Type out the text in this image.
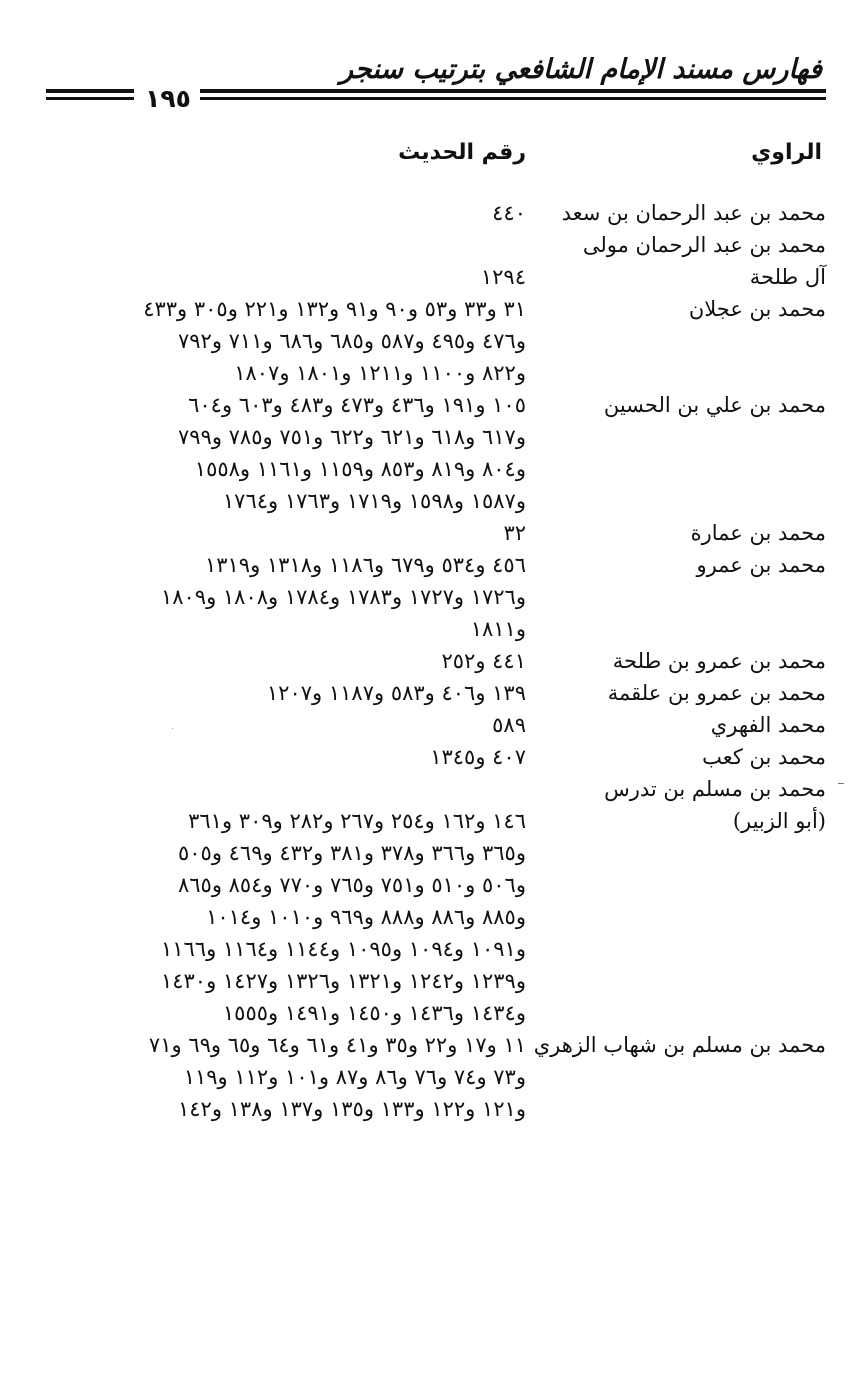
فهارس مسند الإمام الشافعي بترتيب سنجر
١٩٥
الراوي
رقم الحديث
محمد بن عبد الرحمان بن سعد
٤٤٠
محمد بن عبد الرحمان مولى
آل طلحة
١٢٩٤
محمد بن عجلان
٣١ و٣٣ و٥٣ و٩٠ و٩١ و١٣٢ و٢٢١ و٣٠٥ و٤٣٣
و٤٧٦ و٤٩٥ و٥٨٧ و٦٨٥ و٦٨٦ و٧١١ و٧٩٢
و٨٢٢ و١١٠٠ و١٢١١ و١٨٠١ و١٨٠٧
محمد بن علي بن الحسين
١٠٥ و١٩١ و٤٣٦ و٤٧٣ و٤٨٣ و٦٠٣ و٦٠٤
و٦١٧ و٦١٨ و٦٢١ و٦٢٢ و٧٥١ و٧٨٥ و٧٩٩
و٨٠٤ و٨١٩ و٨٥٣ و١١٥٩ و١١٦١ و١٥٥٨
و١٥٨٧ و١٥٩٨ و١٧١٩ و١٧٦٣ و١٧٦٤
محمد بن عمارة
٣٢
محمد بن عمرو
٤٥٦ و٥٣٤ و٦٧٩ و١١٨٦ و١٣١٨ و١٣١٩
و١٧٢٦ و١٧٢٧ و١٧٨٣ و١٧٨٤ و١٨٠٨ و١٨٠٩
و١٨١١
محمد بن عمرو بن طلحة
٤٤١ و٢٥٢
محمد بن عمرو بن علقمة
١٣٩ و٤٠٦ و٥٨٣ و١١٨٧ و١٢٠٧
محمد الفهري
٥٨٩
محمد بن كعب
٤٠٧ و١٣٤٥
محمد بن مسلم بن تدرس
(أبو الزبير)
١٤٦ و١٦٢ و٢٥٤ و٢٦٧ و٢٨٢ و٣٠٩ و٣٦١
و٣٦٥ و٣٦٦ و٣٧٨ و٣٨١ و٤٣٢ و٤٦٩ و٥٠٥
و٥٠٦ و٥١٠ و٧٥١ و٧٦٥ و٧٧٠ و٨٥٤ و٨٦٥
و٨٨٥ و٨٨٦ و٨٨٨ و٩٦٩ و١٠١٠ و١٠١٤
و١٠٩١ و١٠٩٤ و١٠٩٥ و١١٤٤ و١١٦٤ و١١٦٦
و١٢٣٩ و١٢٤٢ و١٣٢١ و١٣٢٦ و١٤٢٧ و١٤٣٠
و١٤٣٤ و١٤٣٦ و١٤٥٠ و١٤٩١ و١٥٥٥
محمد بن مسلم بن شهاب الزهري
١١ و١٧ و٢٢ و٣٥ و٤١ و٦١ و٦٤ و٦٥ و٦٩ و٧١
و٧٣ و٧٤ و٧٦ و٨٦ و٨٧ و١٠١ و١١٢ و١١٩
و١٢١ و١٢٢ و١٣٣ و١٣٥ و١٣٧ و١٣٨ و١٤٢
